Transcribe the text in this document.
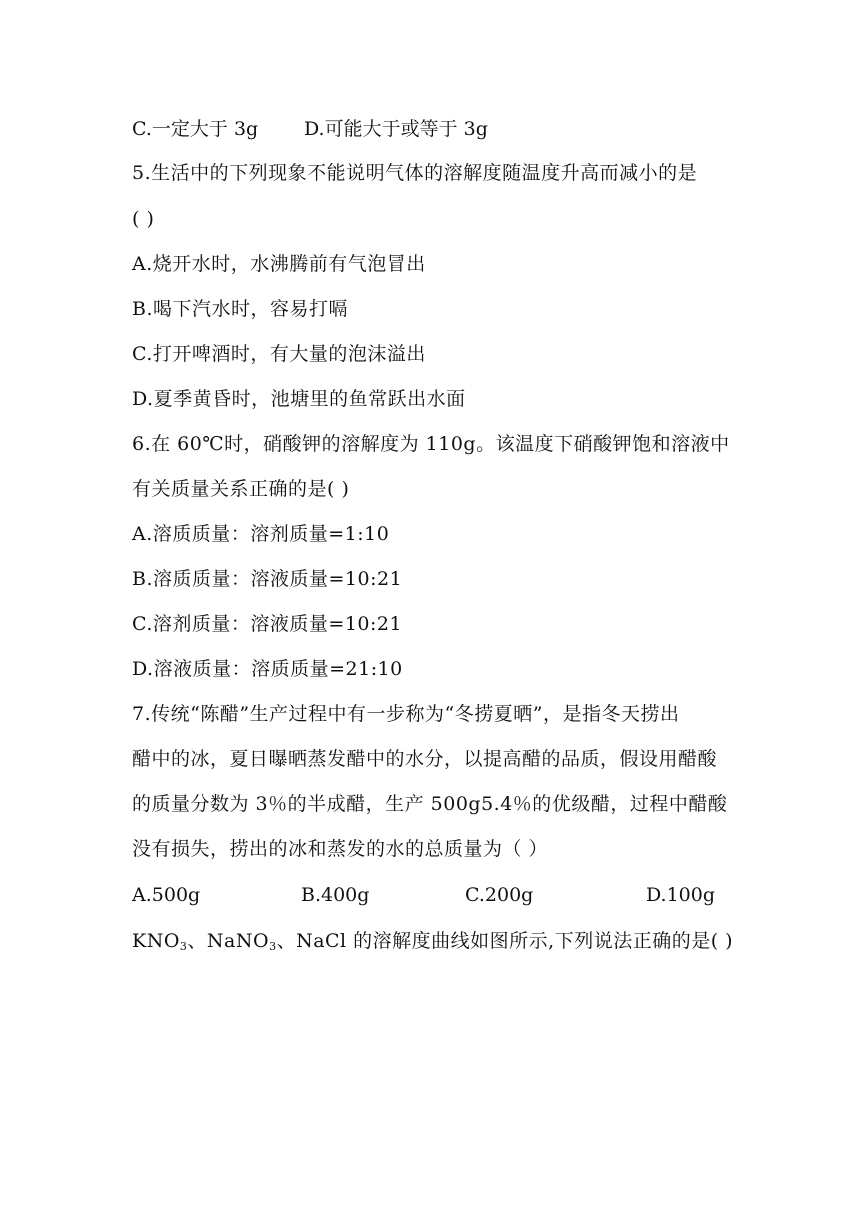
C.一定大于 3g D.可能大于或等于 3g
5.生活中的下列现象不能说明气体的溶解度随温度升高而减小的是
( )
A.烧开水时，水沸腾前有气泡冒出
B.喝下汽水时，容易打嗝
C.打开啤酒时，有大量的泡沫溢出
D.夏季黄昏时，池塘里的鱼常跃出水面
6.在 60℃时，硝酸钾的溶解度为 110g。该温度下硝酸钾饱和溶液中
有关质量关系正确的是( )
A.溶质质量：溶剂质量=1:10
B.溶质质量：溶液质量=10:21
C.溶剂质量：溶液质量=10:21
D.溶液质量：溶质质量=21:10
7.传统“陈醋”生产过程中有一步称为“冬捞夏晒”，是指冬天捞出
醋中的冰，夏日曝晒蒸发醋中的水分，以提高醋的品质，假设用醋酸
的质量分数为 3％的半成醋，生产 500g5.4％的优级醋，过程中醋酸
没有损失，捞出的冰和蒸发的水的总质量为（ ）
A.500g	B.400g	C.200g	D.100g
$KNO_3$、NaNO$_3$、NaCl 的溶解度曲线如图所示,下列说法正确的是( )
